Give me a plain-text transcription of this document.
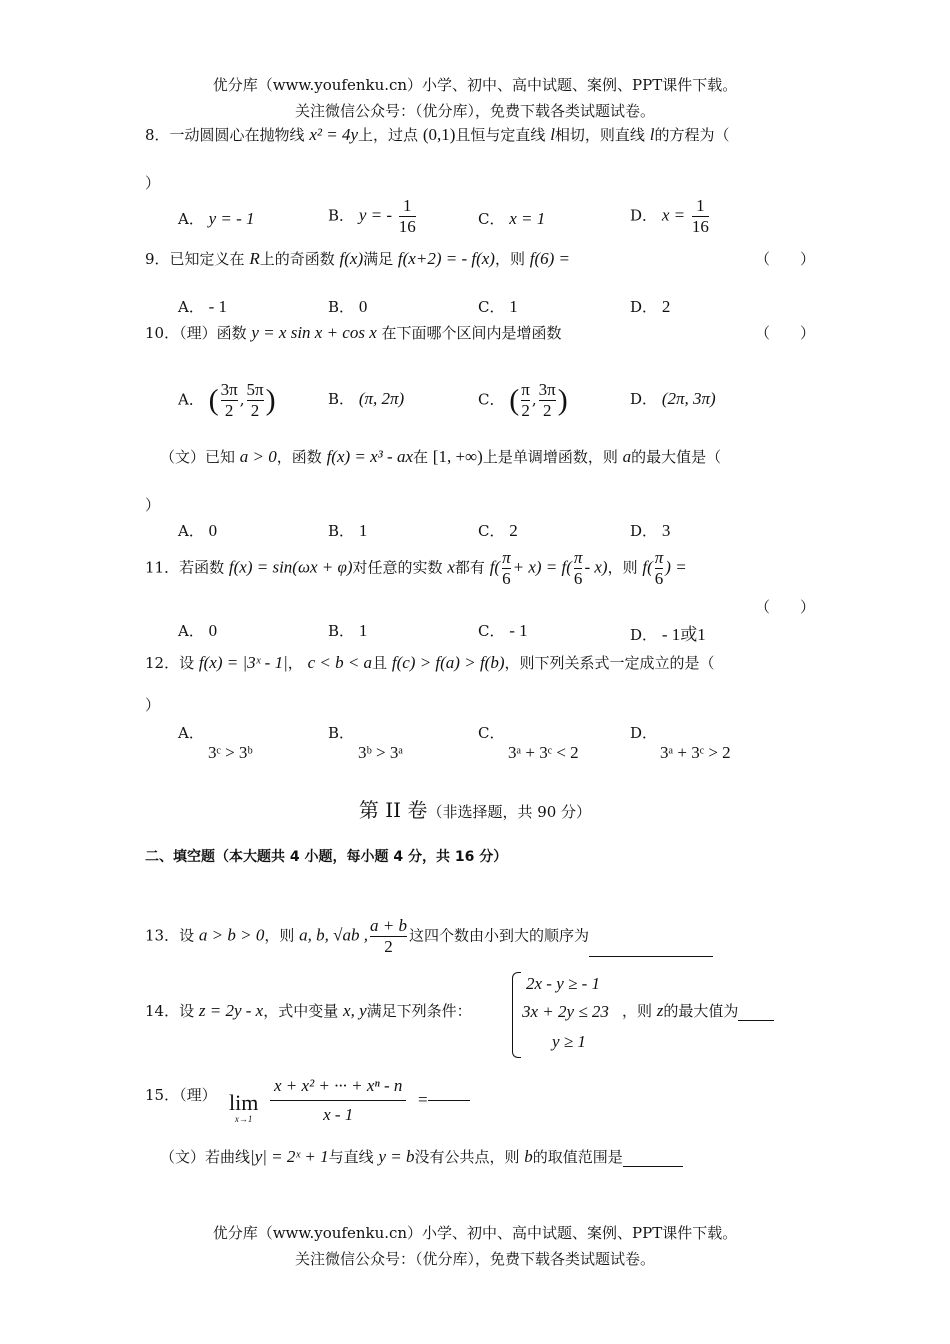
优分库（www.youfenku.cn）小学、初中、高中试题、案例、PPT课件下载。
关注微信公众号：（优分库），免费下载各类试题试卷。
8．一动圆圆心在抛物线 x² = 4y上，过点 (0,1)且恒与定直线 l相切，则直线 l的方程为（
）
A． y = - 1	B． y = - $\frac{1}{16}$	C． x = 1	D． $x = \frac{1}{16}$
9．已知定义在 R上的奇函数 f(x)满足 f(x+2) = - f(x)，则 f(6) =	（　　）
A． - 1	B． 0	C． 1	D． 2
10．（理）函数 y = x sin x + cos x 在下面哪个区间内是增函数	（　　）
A． ( $\frac{3\pi}{2}$ , $\frac{5\pi}{2}$ )	B． (π, 2π)	C． ( $\frac{\pi}{2}$ , $\frac{3\pi}{2}$ )	D． (2π, 3π)
（文）已知 a > 0，函数 f(x) = x³ - ax在 [1, +∞)上是单调增函数，则 a的最大值是（
）
A． 0	B． 1	C． 2	D． 3
11．若函数 f(x) = sin(ωx + φ)对任意的实数 x都有 $f( \frac{\pi}{6} + x) = f( \frac{\pi}{6} - x)$，则 $f( \frac{\pi}{6}$ ) =
（　　）
A． 0	B． 1	C． - 1	D． - 1或1
12．设 f(x) = |3ˣ - 1|， c < b < a且 f(c) > f(a) > f(b)，则下列关系式一定成立的是（
）
A．
3ᶜ > 3ᵇ
B．
3ᵇ > 3ᵃ
C．
3ᵃ + 3ᶜ < 2
D．
3ᵃ + 3ᶜ > 2
第 II 卷（非选择题，共 90 分）
二、填空题（本大题共 4 小题，每小题 4 分，共 16 分）
13．设 a > b > 0，则 a, b, √ab , $\frac{a + b}{2}$ 这四个数由小到大的顺序为
14．设 z = 2y - x，式中变量 x, y满足下列条件：
2x - y ≥ - 1
3x + 2y ≤ 23
y ≥ 1
，则 z的最大值为
15．（理） lim
x→1	$\frac{\text{x + x² + ··· + xⁿ - n}}{x - 1}$ =
（文）若曲线|y| = 2ˣ + 1与直线 y = b没有公共点，则 b的取值范围是
优分库（www.youfenku.cn）小学、初中、高中试题、案例、PPT课件下载。
关注微信公众号：（优分库），免费下载各类试题试卷。
